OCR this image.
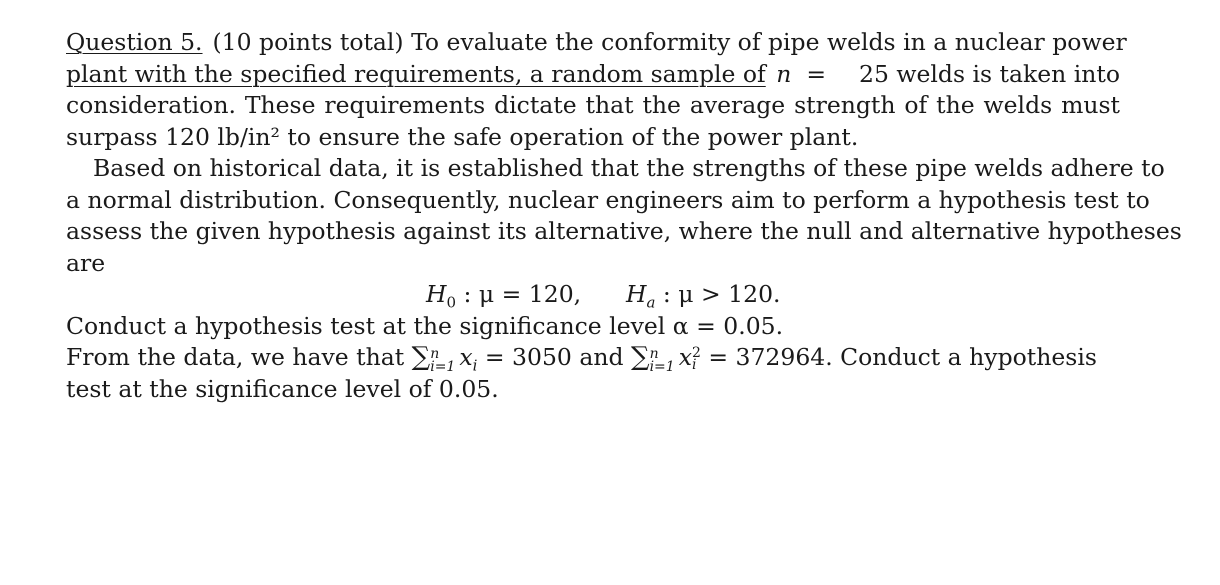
Question 5. (10 points total) To evaluate the conformity of pipe welds in a nuclear power
plant with the specified requirements, a random sample of n =	25 welds is taken into
consideration. These requirements dictate that the average strength of the welds must
surpass 120 lb/in² to ensure the safe operation of the power plant.
Based on historical data, it is established that the strengths of these pipe welds adhere to
a normal distribution. Consequently, nuclear engineers aim to perform a hypothesis test to
assess the given hypothesis against its alternative, where the null and alternative hypotheses
are
$H_0$ : μ = 120, $H_a$ : μ > 120.
Conduct a hypothesis test at the significance level α = 0.05.
From the data, we have that ∑ n
i=1 $x_i = 3050$ and ∑ n
i=1 x 2
i = 372964. Conduct a hypothesis
test at the significance level of 0.05.
